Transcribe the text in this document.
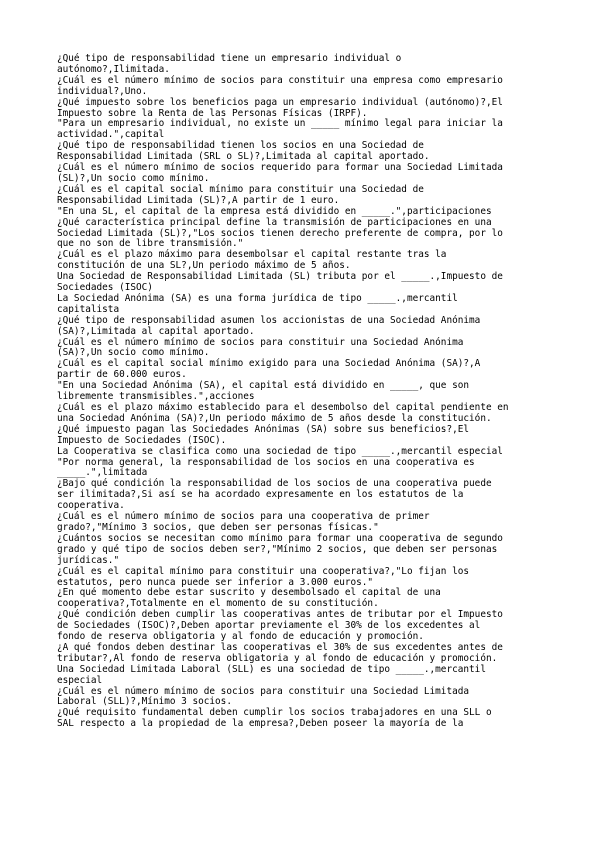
¿Qué tipo de responsabilidad tiene un empresario individual o
autónomo?,Ilimitada.

¿Cuál es el número mínimo de socios para constituir una empresa como empresario
individual?,Uno.

¿Qué impuesto sobre los beneficios paga un empresario individual (autónomo)?,El
Impuesto sobre la Renta de las Personas Físicas (IRPF).

"Para un empresario individual, no existe un _____ mínimo legal para iniciar la
actividad.",capital

¿Qué tipo de responsabilidad tienen los socios en una Sociedad de
Responsabilidad Limitada (SRL o SL)?,Limitada al capital aportado.

¿Cuál es el número mínimo de socios requerido para formar una Sociedad Limitada
(SL)?,Un socio como mínimo.

¿Cuál es el capital social mínimo para constituir una Sociedad de
Responsabilidad Limitada (SL)?,A partir de 1 euro.

"En una SL, el capital de la empresa está dividido en _____.",participaciones

¿Qué característica principal define la transmisión de participaciones en una
Sociedad Limitada (SL)?,"Los socios tienen derecho preferente de compra, por lo
que no son de libre transmisión."

¿Cuál es el plazo máximo para desembolsar el capital restante tras la
constitución de una SL?,Un periodo máximo de 5 años.

Una Sociedad de Responsabilidad Limitada (SL) tributa por el _____.,Impuesto de
Sociedades (ISOC)

La Sociedad Anónima (SA) es una forma jurídica de tipo _____.,mercantil
capitalista

¿Qué tipo de responsabilidad asumen los accionistas de una Sociedad Anónima
(SA)?,Limitada al capital aportado.

¿Cuál es el número mínimo de socios para constituir una Sociedad Anónima
(SA)?,Un socio como mínimo.

¿Cuál es el capital social mínimo exigido para una Sociedad Anónima (SA)?,A
partir de 60.000 euros.

"En una Sociedad Anónima (SA), el capital está dividido en _____, que son
libremente transmisibles.",acciones

¿Cuál es el plazo máximo establecido para el desembolso del capital pendiente en
una Sociedad Anónima (SA)?,Un periodo máximo de 5 años desde la constitución.

¿Qué impuesto pagan las Sociedades Anónimas (SA) sobre sus beneficios?,El
Impuesto de Sociedades (ISOC).

La Cooperativa se clasifica como una sociedad de tipo _____.,mercantil especial

"Por norma general, la responsabilidad de los socios en una cooperativa es
_____.",limitada

¿Bajo qué condición la responsabilidad de los socios de una cooperativa puede
ser ilimitada?,Si así se ha acordado expresamente en los estatutos de la
cooperativa.

¿Cuál es el número mínimo de socios para una cooperativa de primer
grado?,"Mínimo 3 socios, que deben ser personas físicas."

¿Cuántos socios se necesitan como mínimo para formar una cooperativa de segundo
grado y qué tipo de socios deben ser?,"Mínimo 2 socios, que deben ser personas
jurídicas."

¿Cuál es el capital mínimo para constituir una cooperativa?,"Lo fijan los
estatutos, pero nunca puede ser inferior a 3.000 euros."

¿En qué momento debe estar suscrito y desembolsado el capital de una
cooperativa?,Totalmente en el momento de su constitución.

¿Qué condición deben cumplir las cooperativas antes de tributar por el Impuesto
de Sociedades (ISOC)?,Deben aportar previamente el 30% de los excedentes al
fondo de reserva obligatoria y al fondo de educación y promoción.

¿A qué fondos deben destinar las cooperativas el 30% de sus excedentes antes de
tributar?,Al fondo de reserva obligatoria y al fondo de educación y promoción.

Una Sociedad Limitada Laboral (SLL) es una sociedad de tipo _____.,mercantil
especial

¿Cuál es el número mínimo de socios para constituir una Sociedad Limitada
Laboral (SLL)?,Mínimo 3 socios.

¿Qué requisito fundamental deben cumplir los socios trabajadores en una SLL o
SAL respecto a la propiedad de la empresa?,Deben poseer la mayoría de la
